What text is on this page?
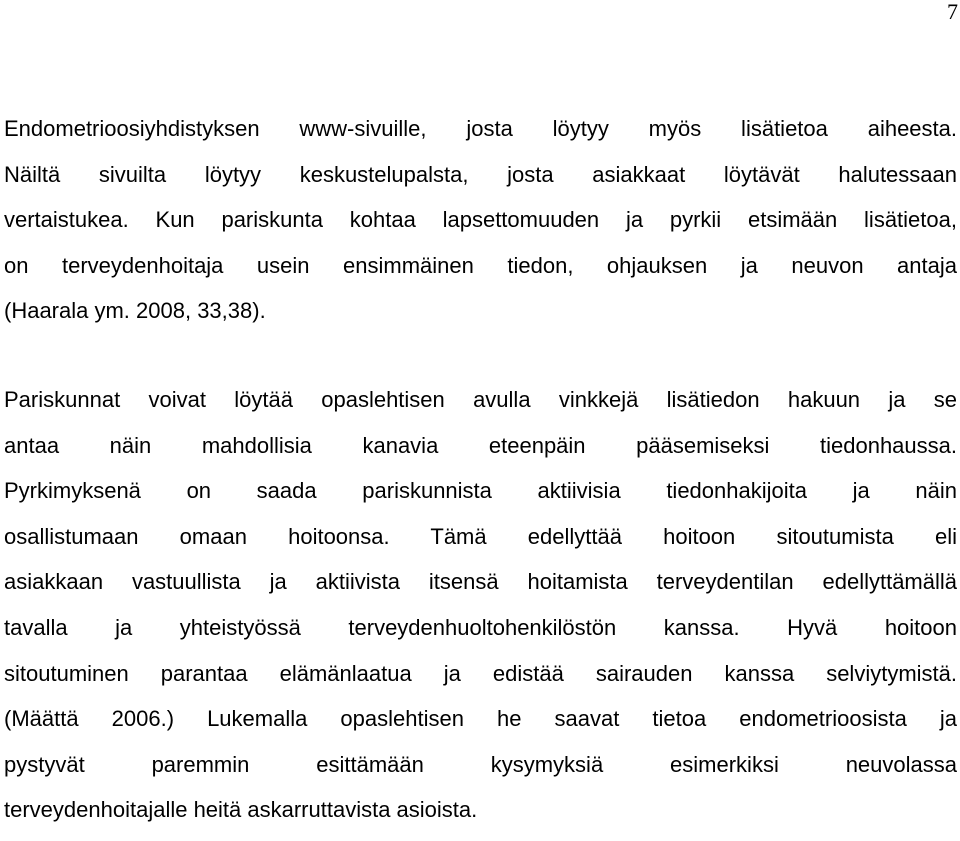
7
Endometrioosiyhdistyksen www-sivuille, josta löytyy myös lisätietoa aiheesta.
Näiltä sivuilta löytyy keskustelupalsta, josta asiakkaat löytävät halutessaan
vertaistukea. Kun pariskunta kohtaa lapsettomuuden ja pyrkii etsimään lisätietoa,
on terveydenhoitaja usein ensimmäinen tiedon, ohjauksen ja neuvon antaja
(Haarala ym. 2008, 33,38).
Pariskunnat voivat löytää opaslehtisen avulla vinkkejä lisätiedon hakuun ja se
antaa näin mahdollisia kanavia eteenpäin pääsemiseksi tiedonhaussa.
Pyrkimyksenä on saada pariskunnista aktiivisia tiedonhakijoita ja näin
osallistumaan omaan hoitoonsa. Tämä edellyttää hoitoon sitoutumista eli
asiakkaan vastuullista ja aktiivista itsensä hoitamista terveydentilan edellyttämällä
tavalla ja yhteistyössä terveydenhuoltohenkilöstön kanssa. Hyvä hoitoon
sitoutuminen parantaa elämänlaatua ja edistää sairauden kanssa selviytymistä.
(Määttä 2006.) Lukemalla opaslehtisen he saavat tietoa endometrioosista ja
pystyvät paremmin esittämään kysymyksiä esimerkiksi neuvolassa
terveydenhoitajalle heitä askarruttavista asioista.
